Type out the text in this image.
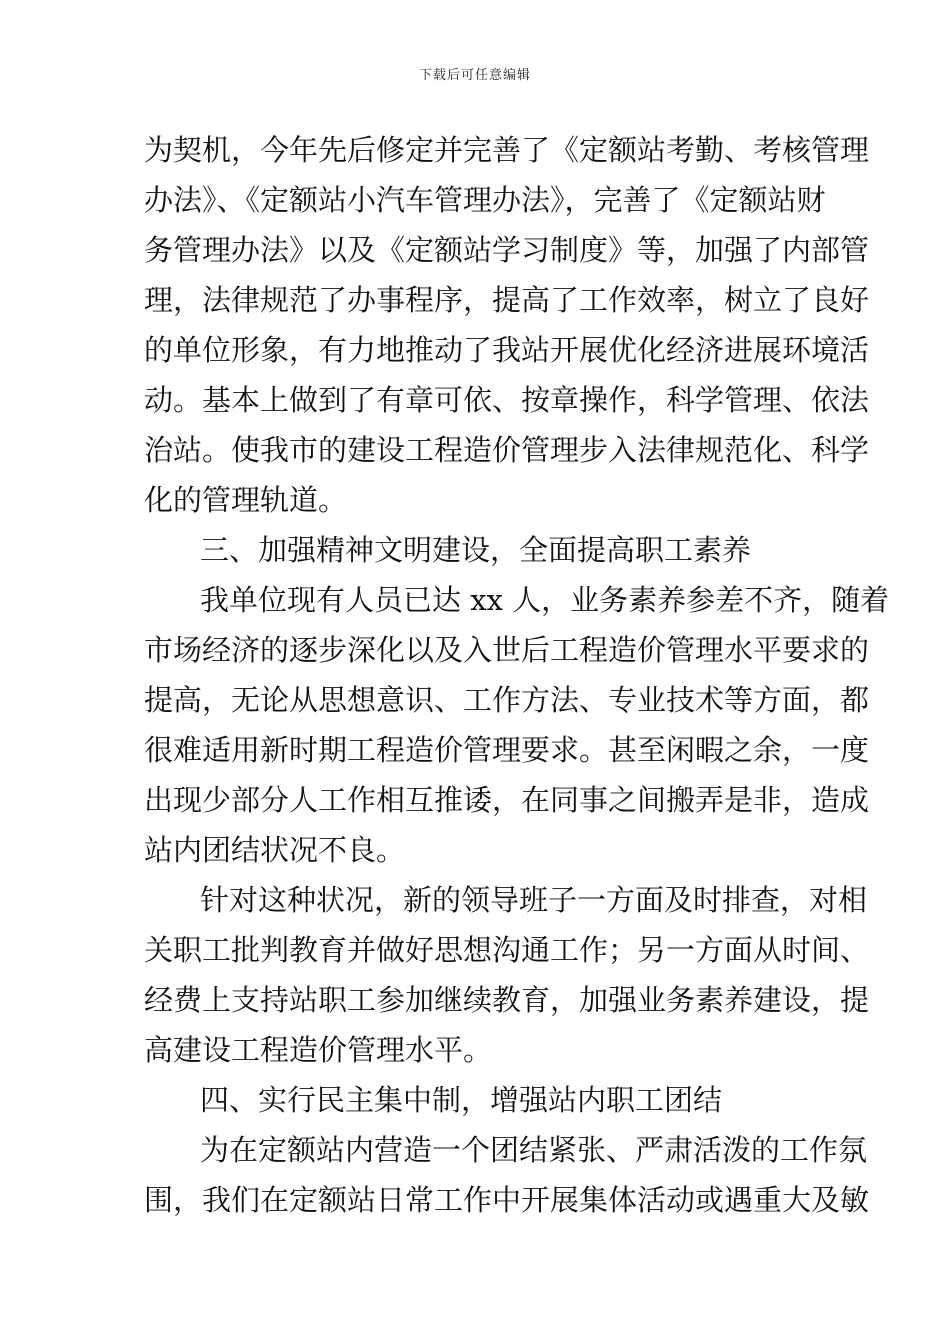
下载后可任意编辑
为契机，今年先后修定并完善了《定额站考勤、考核管理
办法》、《定额站小汽车管理办法》，完善了《定额站财
务管理办法》以及《定额站学习制度》等，加强了内部管
理，法律规范了办事程序，提高了工作效率，树立了良好
的单位形象，有力地推动了我站开展优化经济进展环境活
动。基本上做到了有章可依、按章操作，科学管理、依法
治站。使我市的建设工程造价管理步入法律规范化、科学
化的管理轨道。
三、加强精神文明建设，全面提高职工素养
我单位现有人员已达 xx 人，业务素养参差不齐，随着
市场经济的逐步深化以及入世后工程造价管理水平要求的
提高，无论从思想意识、工作方法、专业技术等方面，都
很难适用新时期工程造价管理要求。甚至闲暇之余，一度
出现少部分人工作相互推诿，在同事之间搬弄是非，造成
站内团结状况不良。
针对这种状况，新的领导班子一方面及时排查，对相
关职工批判教育并做好思想沟通工作；另一方面从时间、
经费上支持站职工参加继续教育，加强业务素养建设，提
高建设工程造价管理水平。
四、实行民主集中制，增强站内职工团结
为在定额站内营造一个团结紧张、严肃活泼的工作氛
围，我们在定额站日常工作中开展集体活动或遇重大及敏
